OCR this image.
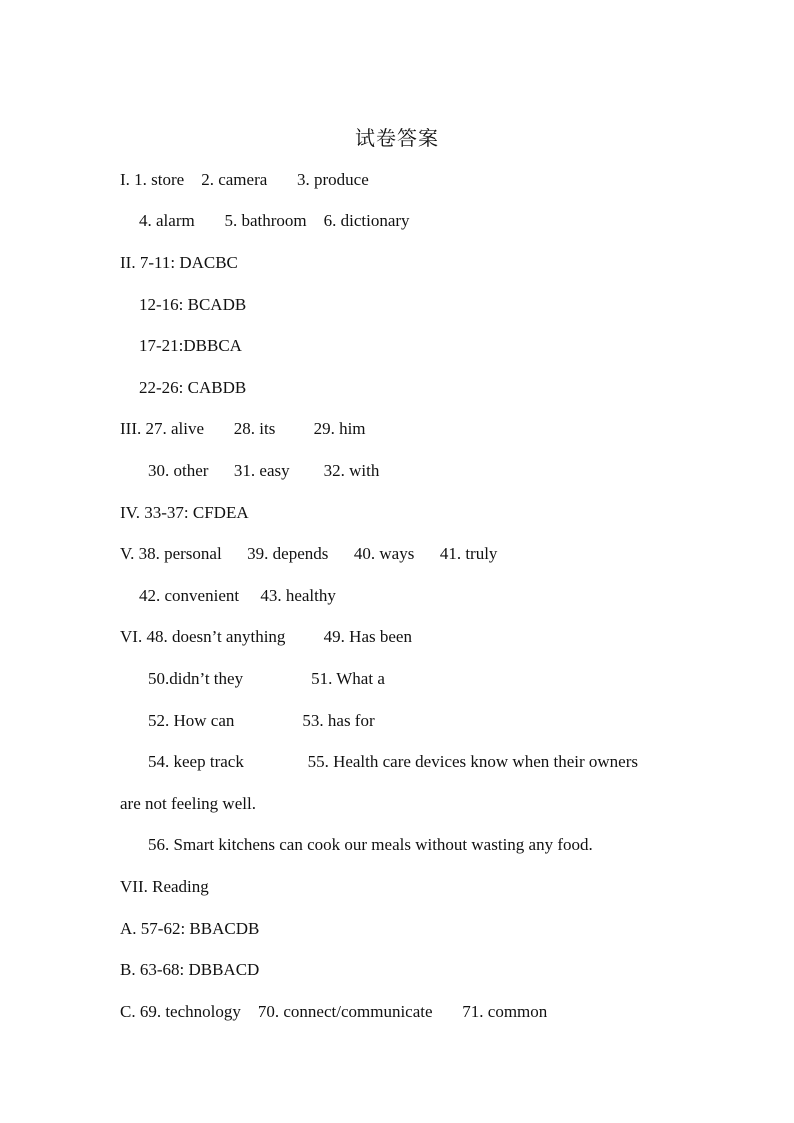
试卷答案
I. 1. store    2. camera       3. produce
4. alarm       5. bathroom    6. dictionary
II. 7-11: DACBC
12-16: BCADB
17-21:DBBCA
22-26: CABDB
III. 27. alive       28. its         29. him
30. other      31. easy        32. with
IV. 33-37: CFDEA
V. 38. personal      39. depends      40. ways      41. truly
42. convenient     43. healthy
VI. 48. doesn’t anything         49. Has been
50.didn’t they                51. What a
52. How can                53. has for
54. keep track               55. Health care devices know when their owners
are not feeling well.
56. Smart kitchens can cook our meals without wasting any food.
VII. Reading
A. 57-62: BBACDB
B. 63-68: DBBACD
C. 69. technology    70. connect/communicate       71. common
